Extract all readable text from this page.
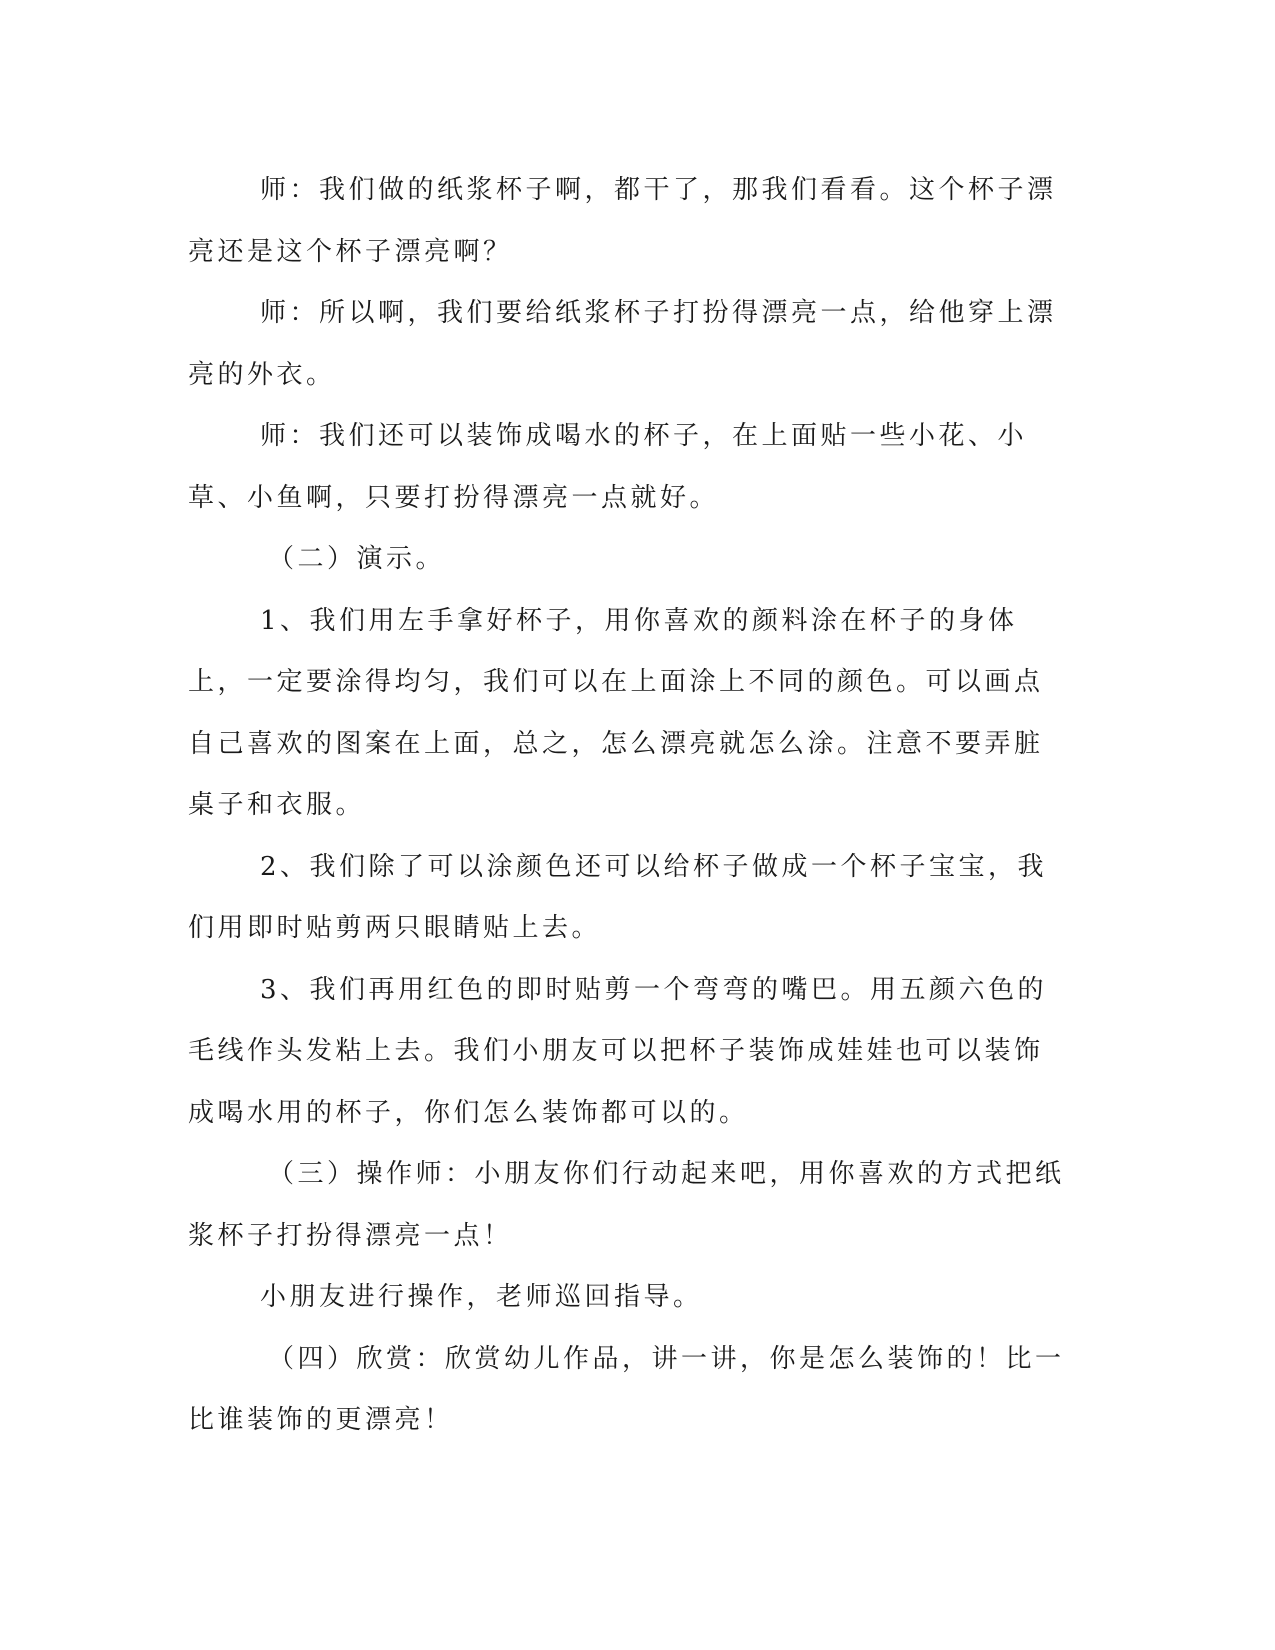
师：我们做的纸浆杯子啊，都干了，那我们看看。这个杯子漂亮还是这个杯子漂亮啊？

师：所以啊，我们要给纸浆杯子打扮得漂亮一点，给他穿上漂亮的外衣。

师：我们还可以装饰成喝水的杯子，在上面贴一些小花、小草、小鱼啊，只要打扮得漂亮一点就好。

（二）演示。

1、我们用左手拿好杯子，用你喜欢的颜料涂在杯子的身体上，一定要涂得均匀，我们可以在上面涂上不同的颜色。可以画点自己喜欢的图案在上面，总之，怎么漂亮就怎么涂。注意不要弄脏桌子和衣服。

2、我们除了可以涂颜色还可以给杯子做成一个杯子宝宝，我们用即时贴剪两只眼睛贴上去。

3、我们再用红色的即时贴剪一个弯弯的嘴巴。用五颜六色的毛线作头发粘上去。我们小朋友可以把杯子装饰成娃娃也可以装饰成喝水用的杯子，你们怎么装饰都可以的。

（三）操作师：小朋友你们行动起来吧，用你喜欢的方式把纸浆杯子打扮得漂亮一点！

小朋友进行操作，老师巡回指导。

（四）欣赏：欣赏幼儿作品，讲一讲，你是怎么装饰的！比一比谁装饰的更漂亮！
